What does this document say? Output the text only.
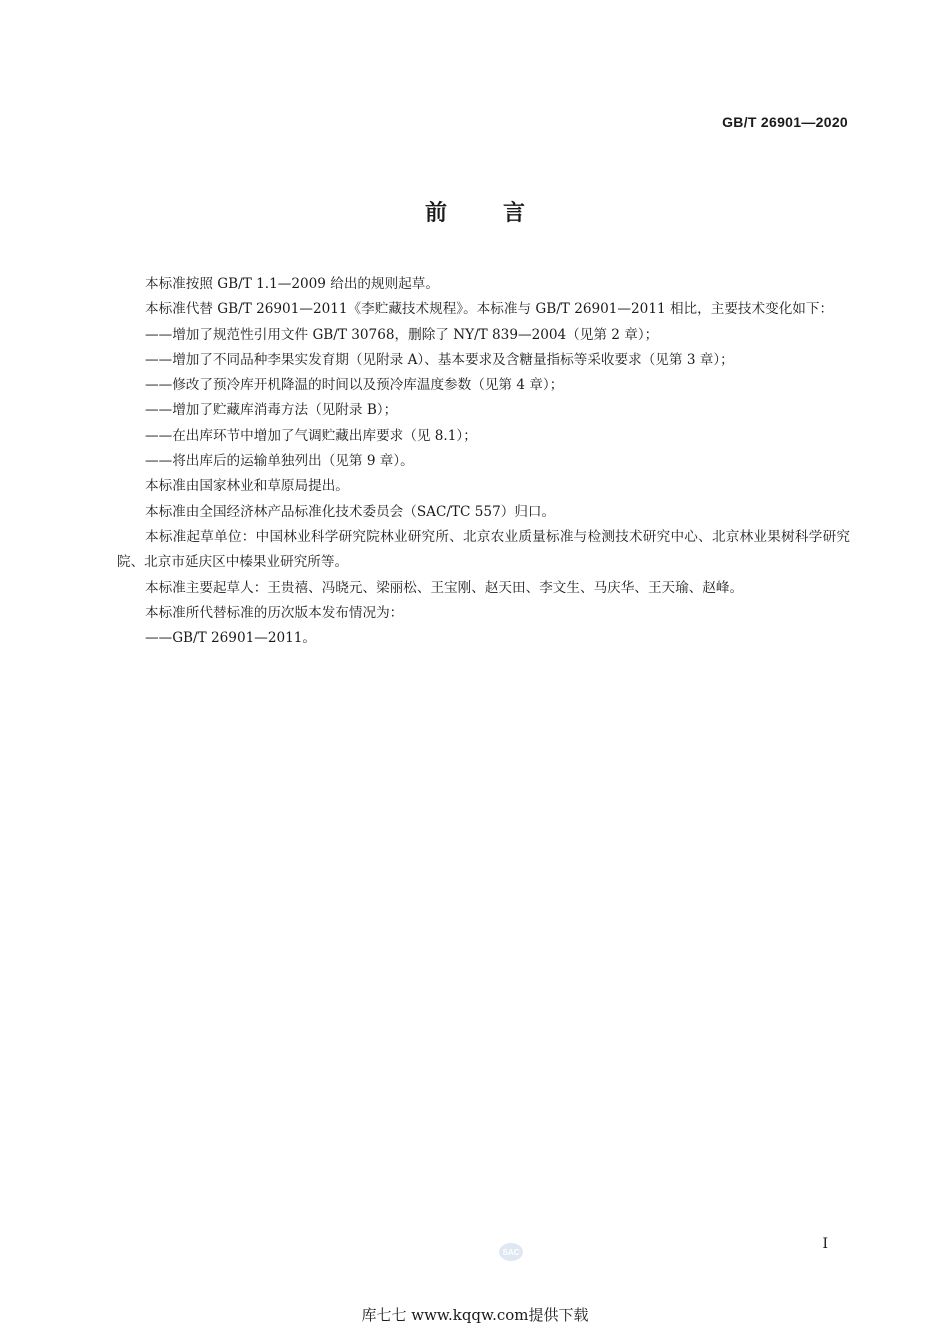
GB/T 26901—2020
前言

本标准按照 GB/T 1.1—2009 给出的规则起草。

本标准代替 GB/T 26901—2011《李贮藏技术规程》。本标准与 GB/T 26901—2011 相比，主要技术变化如下：

——增加了规范性引用文件 GB/T 30768，删除了 NY/T 839—2004（见第 2 章）；

——增加了不同品种李果实发育期（见附录 A）、基本要求及含糖量指标等采收要求（见第 3 章）；

——修改了预冷库开机降温的时间以及预冷库温度参数（见第 4 章）；

——增加了贮藏库消毒方法（见附录 B）；

——在出库环节中增加了气调贮藏出库要求（见 8.1）；

——将出库后的运输单独列出（见第 9 章）。

本标准由国家林业和草原局提出。

本标准由全国经济林产品标准化技术委员会（SAC/TC 557）归口。

本标准起草单位：中国林业科学研究院林业研究所、北京农业质量标准与检测技术研究中心、北京林业果树科学研究院、北京市延庆区中榛果业研究所等。

本标准主要起草人：王贵禧、冯晓元、梁丽松、王宝刚、赵天田、李文生、马庆华、王天瑜、赵峰。

本标准所代替标准的历次版本发布情况为：

——GB/T 26901—2011。

I
SAC
库七七 www.kqqw.com提供下载
